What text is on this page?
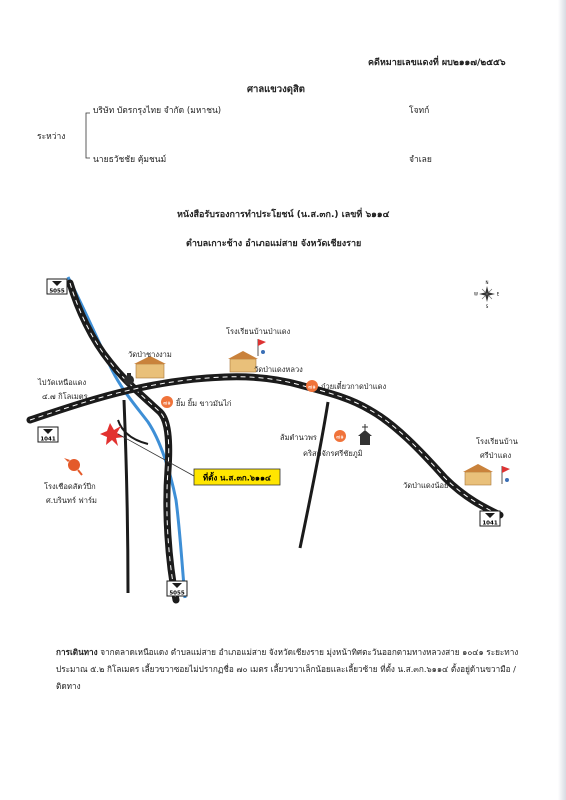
คดีหมายเลขแดงที่ ผบ๒๑๑๗/๒๕๕๖
ศาลแขวงดุสิต
ระหว่าง
บริษัท บัตรกรุงไทย จำกัด (มหาชน)	โจทก์
นายธวัชชัย คุ้มชนม์	จำเลย
หนังสือรับรองการทำประโยชน์ (น.ส.๓ก.) เลขที่ ๖๑๑๔
ตำบลเกาะช้าง อำเภอแม่สาย จังหวัดเชียงราย
5055
1041
5055
1041
N
E
S
W
๗๑
๗๑
๗๑
ที่ตั้ง น.ส.๓ก.๖๑๑๔
ไปวัดเหนือแดง
๔.๗ กิโลเมตร
วัดป่าชางงาม
โรงเรียนบ้านป่าแดง
วัดป่าแดงหลวง
ก๋วยเตี๋ยวกาดป่าแดง
ยิ้ม ยิ้ม ขาวมันไก่
ส้มตำนวพร
คริสตจักรศรีชัยภูมิ
โรงเรียนบ้าน
ศรีป่าแดง
วัดป่าแดงน้อย
โรงเชือดสัตว์ปีก
ศ.บรินทร์ ฟาร์ม
การเดินทาง จากตลาดเหนือแดง ตำบลแม่สาย อำเภอแม่สาย จังหวัดเชียงราย มุ่งหน้าทิศตะวันออกตามทางหลวงสาย ๑๐๔๑ ระยะทางประมาณ ๕.๒ กิโลเมตร เลี้ยวขวาซอยไม่ปรากฏชื่อ ๗๐ เมตร เลี้ยวขวาเล็กน้อยและเลี้ยวซ้าย ที่ตั้ง น.ส.๓ก.๖๑๑๔ ตั้งอยู่ด้านขวามือ / ติดทาง
